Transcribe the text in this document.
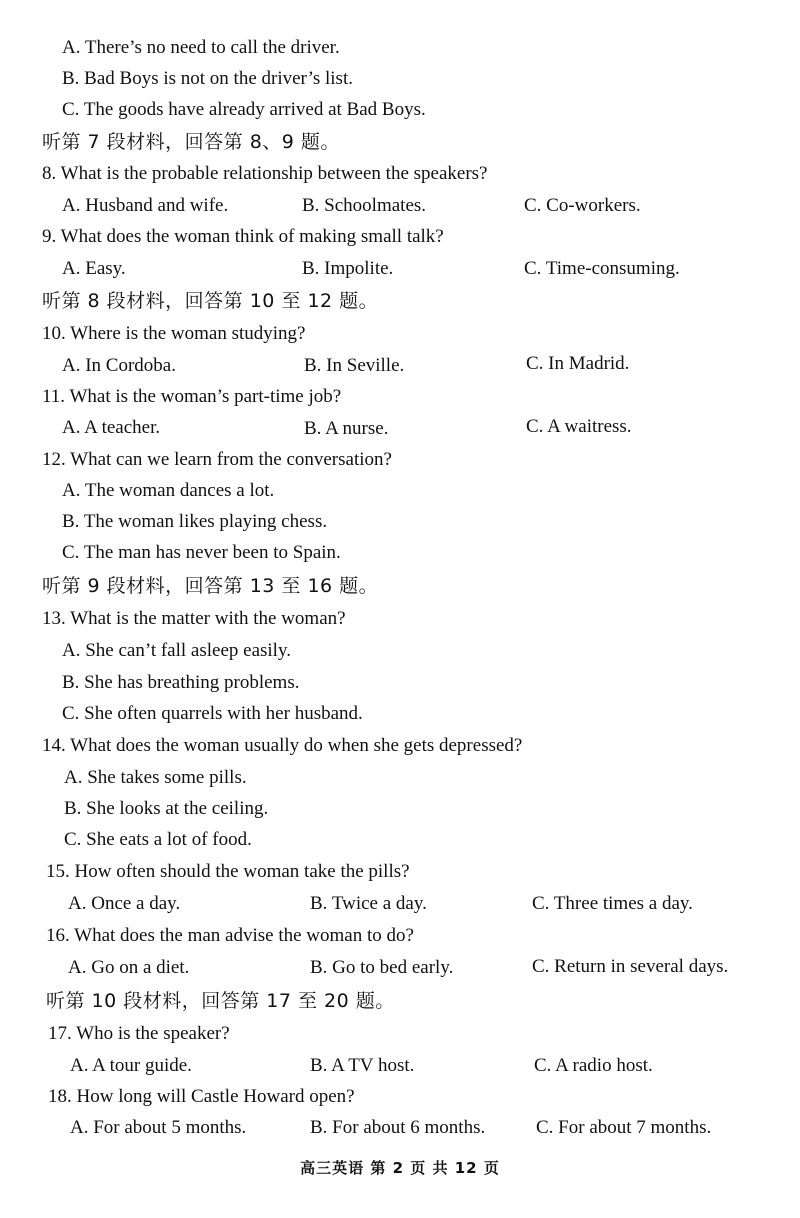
A. There’s no need to call the driver.
B. Bad Boys is not on the driver’s list.
C. The goods have already arrived at Bad Boys.
听第 7 段材料，回答第 8、9 题。
8. What is the probable relationship between the speakers?
A. Husband and wife.	B. Schoolmates.	C. Co-workers.
9. What does the woman think of making small talk?
A. Easy.	B. Impolite.	C. Time-consuming.
听第 8 段材料，回答第 10 至 12 题。
10. Where is the woman studying?
A. In Cordoba.	B. In Seville.	C. In Madrid.
11. What is the woman’s part-time job?
A. A teacher.	B. A nurse.	C. A waitress.
12. What can we learn from the conversation?
A. The woman dances a lot.
B. The woman likes playing chess.
C. The man has never been to Spain.
听第 9 段材料，回答第 13 至 16 题。
13. What is the matter with the woman?
A. She can’t fall asleep easily.
B. She has breathing problems.
C. She often quarrels with her husband.
14. What does the woman usually do when she gets depressed?
A. She takes some pills.
B. She looks at the ceiling.
C. She eats a lot of food.
15. How often should the woman take the pills?
A. Once a day.	B. Twice a day.	C. Three times a day.
16. What does the man advise the woman to do?
A. Go on a diet.	B. Go to bed early.	C. Return in several days.
听第 10 段材料，回答第 17 至 20 题。
17. Who is the speaker?
A. A tour guide.	B. A TV host.	C. A radio host.
18. How long will Castle Howard open?
A. For about 5 months.	B. For about 6 months.	C. For about 7 months.
高三英语 第 2 页 共 12 页
